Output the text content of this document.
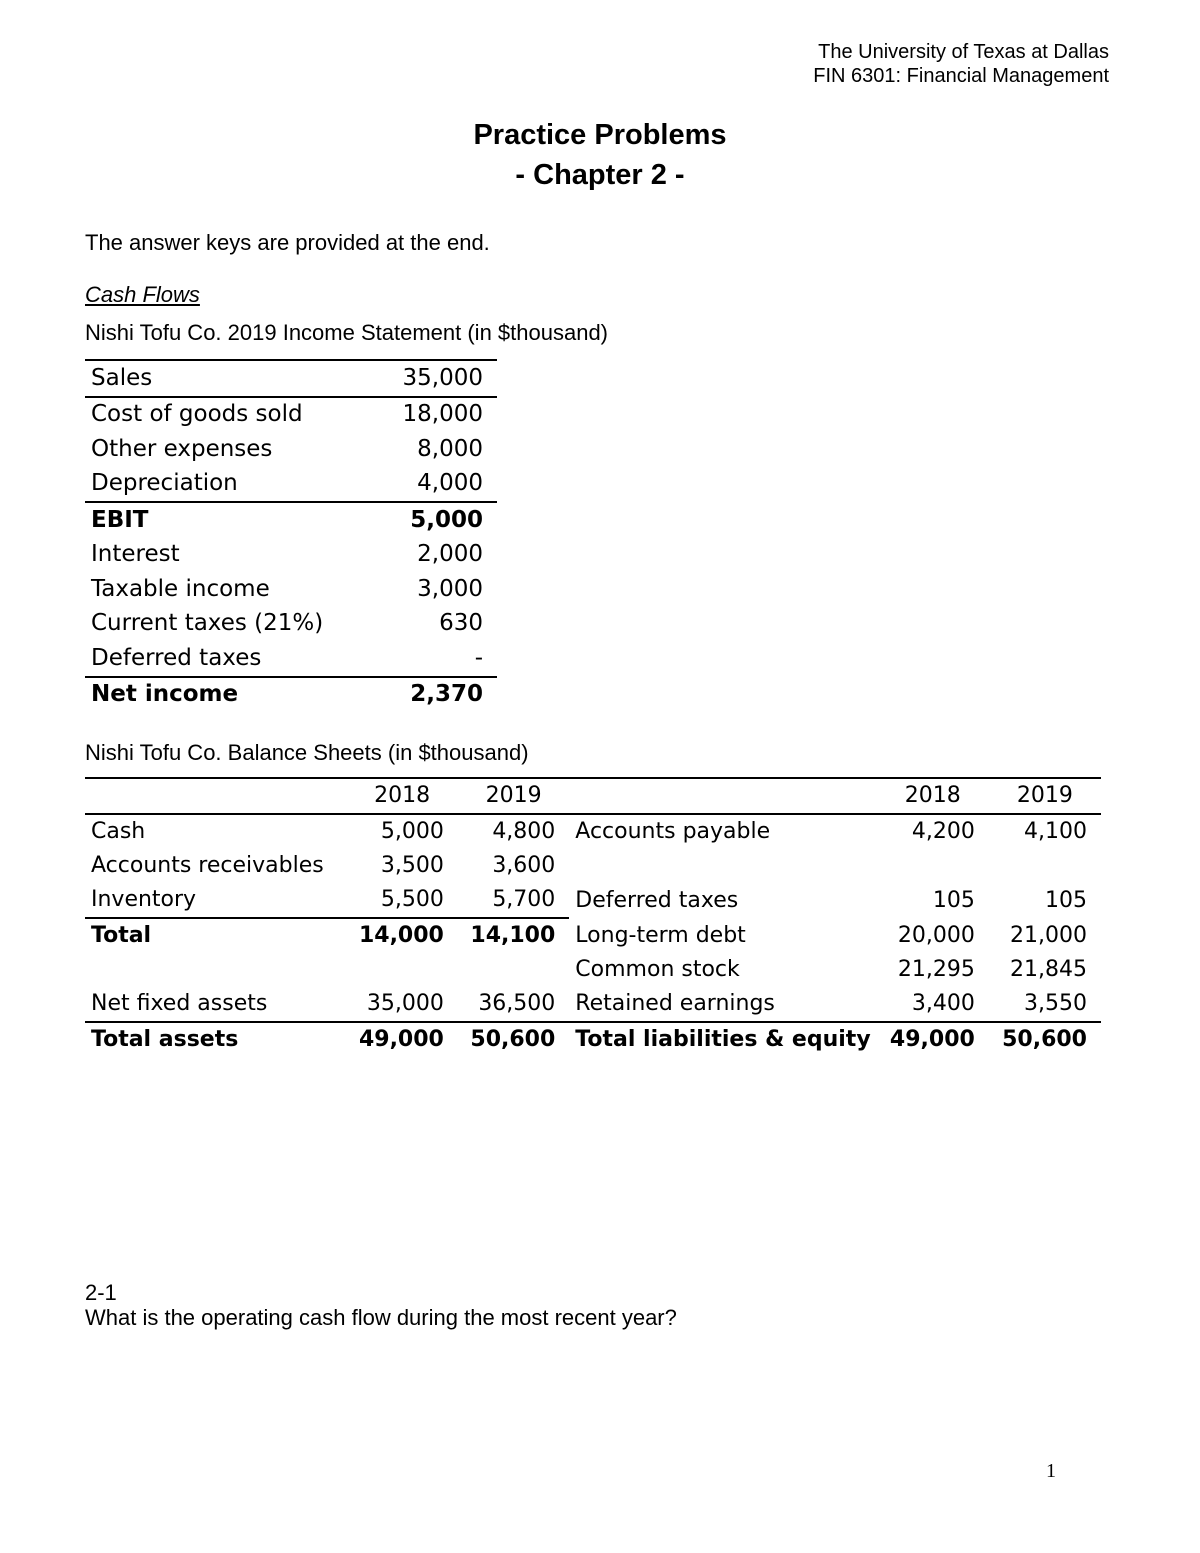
The University of Texas at Dallas
FIN 6301: Financial Management
Practice Problems
- Chapter 2 -
The answer keys are provided at the end.
Cash Flows
Nishi Tofu Co. 2019 Income Statement (in $thousand)
Sales	35,000
Cost of goods sold	18,000
Other expenses	8,000
Depreciation	4,000
EBIT	5,000
Interest	2,000
Taxable income	3,000
Current taxes (21%)	630
Deferred taxes	-
Net income	2,370
Nishi Tofu Co. Balance Sheets (in $thousand)
	2018	2019		2018	2019
Cash	5,000	4,800	Accounts payable	4,200	4,100
Accounts receivables	3,500	3,600			
Inventory	5,500	5,700	Deferred taxes	105	105
Total	14,000	14,100	Long-term debt	20,000	21,000
			Common stock	21,295	21,845
Net fixed assets	35,000	36,500	Retained earnings	3,400	3,550
Total assets	49,000	50,600	Total liabilities & equity	49,000	50,600
2-1
What is the operating cash flow during the most recent year?
1
